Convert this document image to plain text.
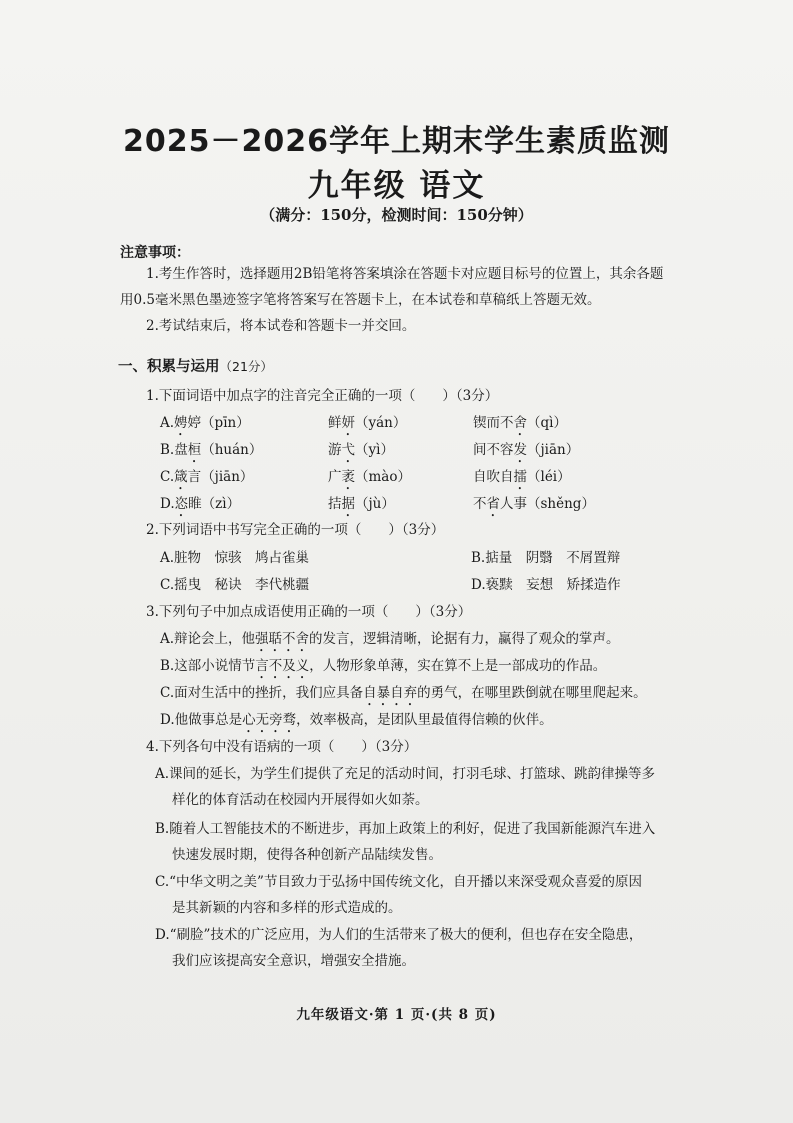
2025－2026学年上期末学生素质监测
九年级 语文
（满分：150分，检测时间：150分钟）
注意事项：
1.考生作答时，选择题用2B铅笔将答案填涂在答题卡对应题目标号的位置上，其余各题
用0.5毫米黑色墨迹签字笔将答案写在答题卡上，在本试卷和草稿纸上答题无效。
2.考试结束后，将本试卷和答题卡一并交回。
一、积累与运用（21分）
1.下面词语中加点字的注音完全正确的一项（　　）（3分）
A.娉婷（pīn）	鲜妍（yán）	锲而不舍（qì）
B.盘桓（huán）	游弋（yì）	间不容发（jiān）
C.箴言（jiān）	广袤（mào）	自吹自擂（léi）
D.恣睢（zì）	拮据（jù）	不省人事（shěng）
2.下列词语中书写完全正确的一项（　　）（3分）
A.脏物　惊骇　鸠占雀巢	B.掂量　阴翳　不屑置辩
C.摇曳　秘诀　李代桃疆	D.亵黩　妄想　矫揉造作
3.下列句子中加点成语使用正确的一项（　　）（3分）
A.辩论会上，他强聒不舍的发言，逻辑清晰，论据有力，赢得了观众的掌声。
B.这部小说情节言不及义，人物形象单薄，实在算不上是一部成功的作品。
C.面对生活中的挫折，我们应具备自暴自弃的勇气，在哪里跌倒就在哪里爬起来。
D.他做事总是心无旁骛，效率极高，是团队里最值得信赖的伙伴。
4.下列各句中没有语病的一项（　　）（3分）
A.课间的延长，为学生们提供了充足的活动时间，打羽毛球、打篮球、跳韵律操等多
样化的体育活动在校园内开展得如火如荼。
B.随着人工智能技术的不断进步，再加上政策上的利好，促进了我国新能源汽车进入
快速发展时期，使得各种创新产品陆续发售。
C.“中华文明之美”节目致力于弘扬中国传统文化，自开播以来深受观众喜爱的原因
是其新颖的内容和多样的形式造成的。
D.“刷脸”技术的广泛应用，为人们的生活带来了极大的便利，但也存在安全隐患，
我们应该提高安全意识，增强安全措施。
九年级语文·第 1 页·(共 8 页)
